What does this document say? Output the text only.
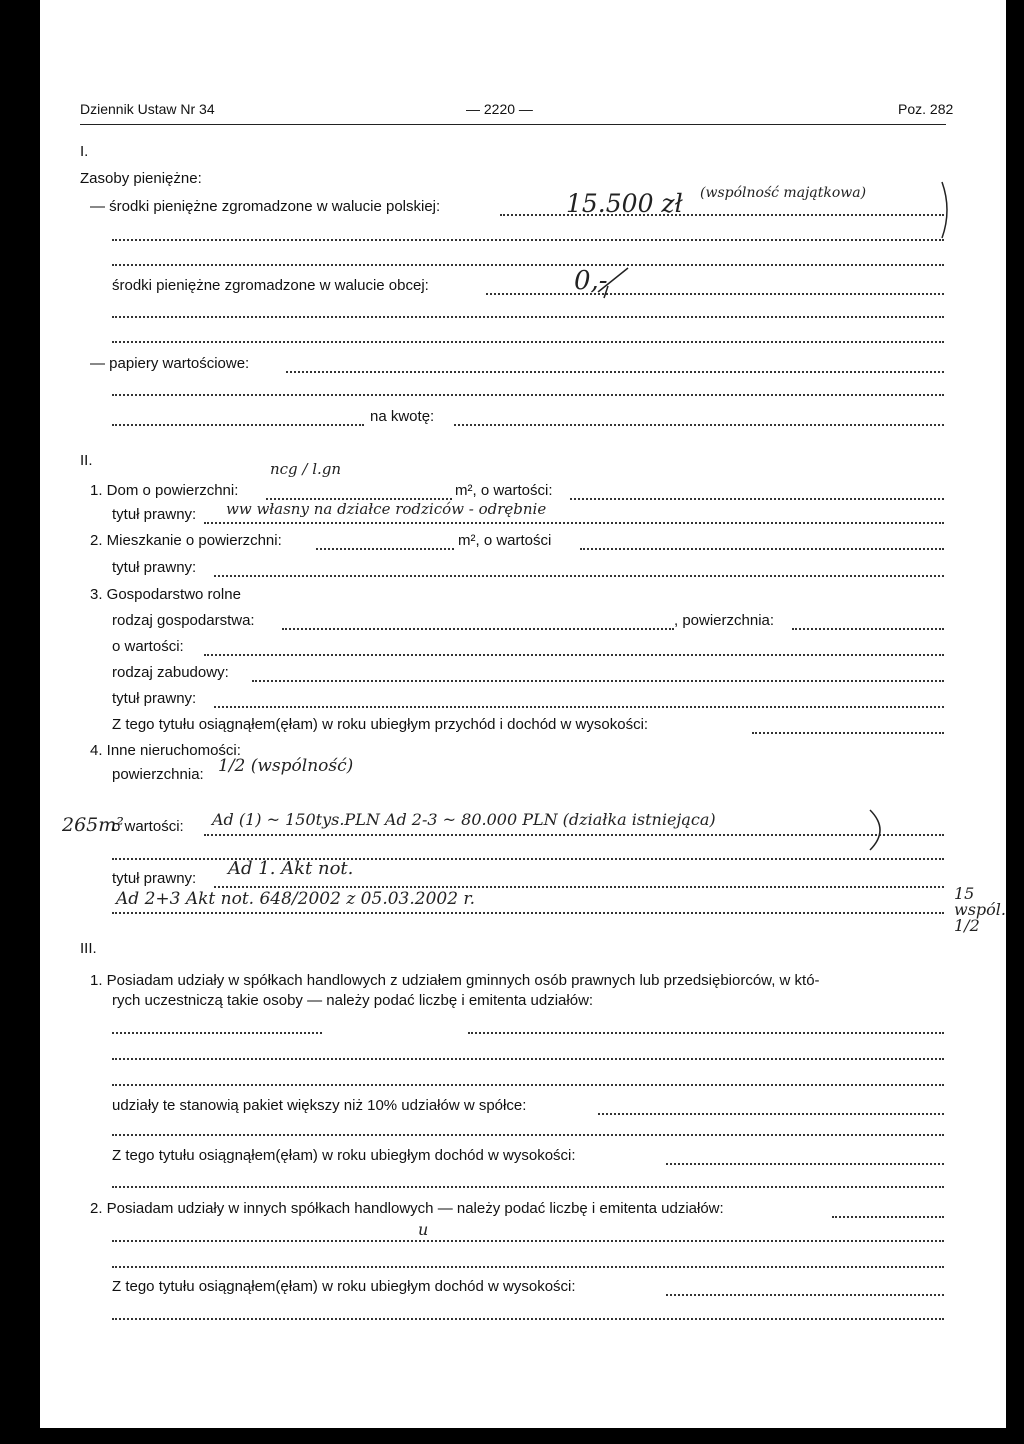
Dziennik Ustaw Nr 34	— 2220 —	Poz. 282
I.
Zasoby pieniężne:
— środki pieniężne zgromadzone w walucie polskiej:	15.500 zł (wspólność majątkowa)
środki pieniężne zgromadzone w walucie obcej:	0,-
— papiery wartościowe:
na kwotę:
II.	ncg / l.gn
1. Dom o powierzchni:	m², o wartości:
tytuł prawny: ww własny na działce rodziców - odrębnie
2. Mieszkanie o powierzchni:	m², o wartości
tytuł prawny:
3. Gospodarstwo rolne
rodzaj gospodarstwa:	, powierzchnia:
o wartości:
rodzaj zabudowy:
tytuł prawny:
Z tego tytułu osiągnąłem(ęłam) w roku ubiegłym przychód i dochód w wysokości:
4. Inne nieruchomości:
powierzchnia: 1/2 (wspólność)
265m²
o wartości: Ad (1) ~ 150tys.PLN Ad 2-3 ~ 80.000 PLN (działka istniejąca)
tytuł prawny: Ad 1. Akt not.
Ad 2+3 Akt not. 648/2002 z 05.03.2002 r.	15 wspól. 1/2
III.
1. Posiadam udziały w spółkach handlowych z udziałem gminnych osób prawnych lub przedsiębiorców, w któ-
rych uczestniczą takie osoby — należy podać liczbę i emitenta udziałów:
udziały te stanowią pakiet większy niż 10% udziałów w spółce:
Z tego tytułu osiągnąłem(ęłam) w roku ubiegłym dochód w wysokości:
2. Posiadam udziały w innych spółkach handlowych — należy podać liczbę i emitenta udziałów:
u
Z tego tytułu osiągnąłem(ęłam) w roku ubiegłym dochód w wysokości:
